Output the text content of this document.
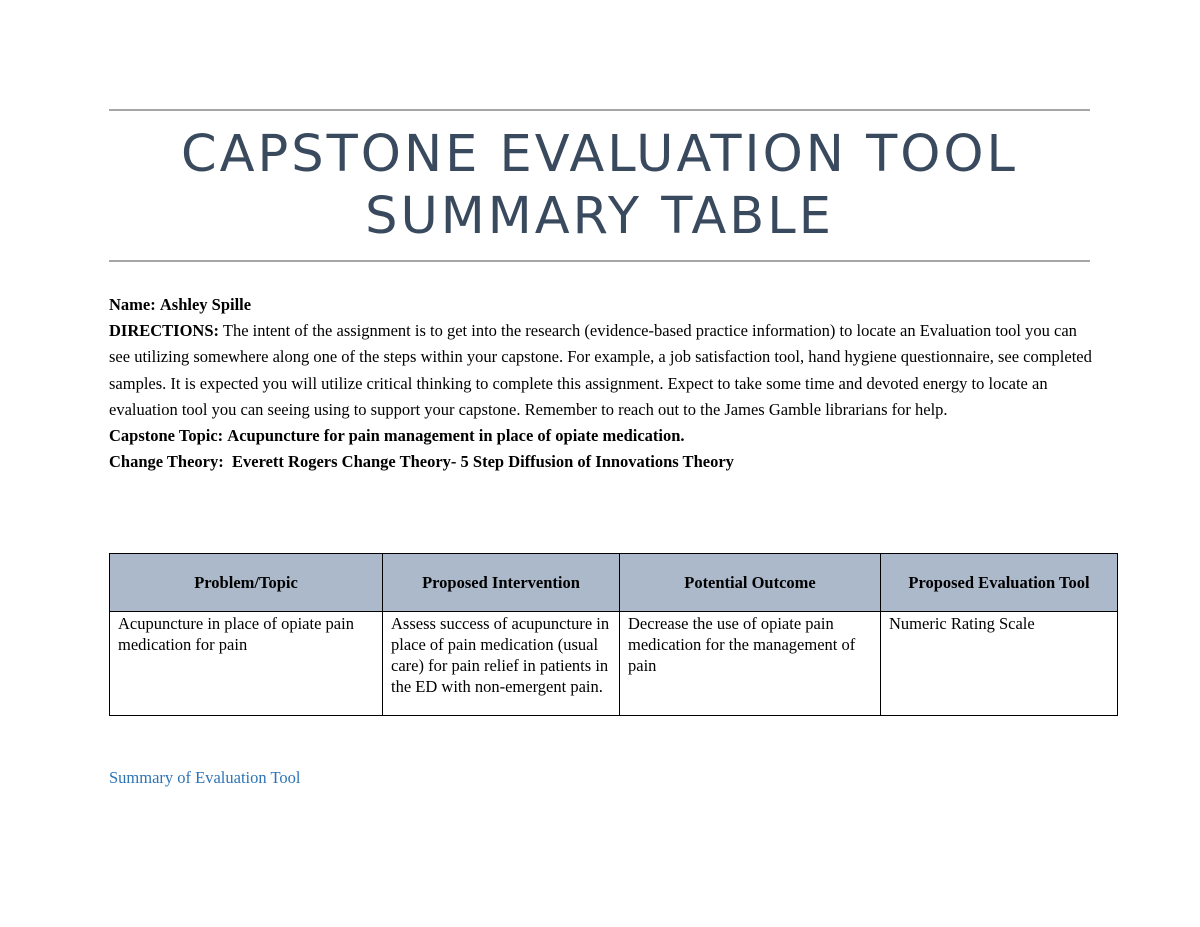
CAPSTONE EVALUATION TOOL
SUMMARY TABLE

Name: Ashley Spille

DIRECTIONS: The intent of the assignment is to get into the research (evidence-based practice information) to locate an Evaluation tool you can see utilizing somewhere along one of the steps within your capstone. For example, a job satisfaction tool, hand hygiene questionnaire, see completed samples. It is expected you will utilize critical thinking to complete this assignment. Expect to take some time and devoted energy to locate an evaluation tool you can seeing using to support your capstone. Remember to reach out to the James Gamble librarians for help.

Capstone Topic: Acupuncture for pain management in place of opiate medication.

Change Theory: Everett Rogers Change Theory- 5 Step Diffusion of Innovations Theory

Problem/Topic	Proposed Intervention	Potential Outcome	Proposed Evaluation Tool
Acupuncture in place of opiate pain medication for pain	Assess success of acupuncture in place of pain medication (usual care) for pain relief in patients in the ED with non-emergent pain.	Decrease the use of opiate pain medication for the management of pain	Numeric Rating Scale
Summary of Evaluation Tool
